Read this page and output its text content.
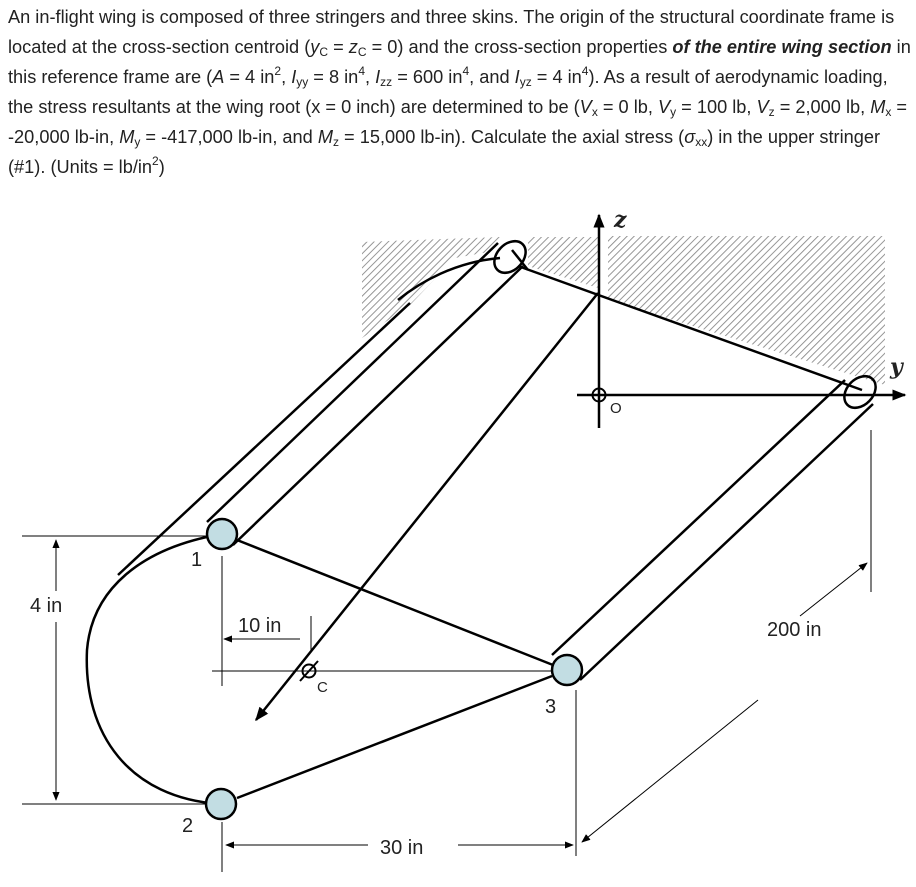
An in-flight wing is composed of three stringers and three skins. The origin of the structural coordinate frame is located at the cross-section centroid $(y_C = z_C = 0)$ and the cross-section properties of the entire wing section in this reference frame are (A = 4 $in^2$, $I_{yy} = 8$ $in^4$, $I_{zz} = 600$ $in^4$, and $I_{yz} = 4$ $in^4$). As a result of aerodynamic loading, the stress resultants at the wing root (x = 0 inch) are determined to be ($V_x = 0$ lb, $V_y = 100$ lb, $V_z = 2,000$ lb, $M_x = -20,000$ lb-in, $M_y = -417,000$ lb-in, and $M_z = 15,000$ lb-in). Calculate the axial stress $(\sigma_{xx})$ in the upper stringer (#1). (Units = $lb/in^2$)
z
y
O
C
1
2
3
4 in
10 in
30 in
200 in
